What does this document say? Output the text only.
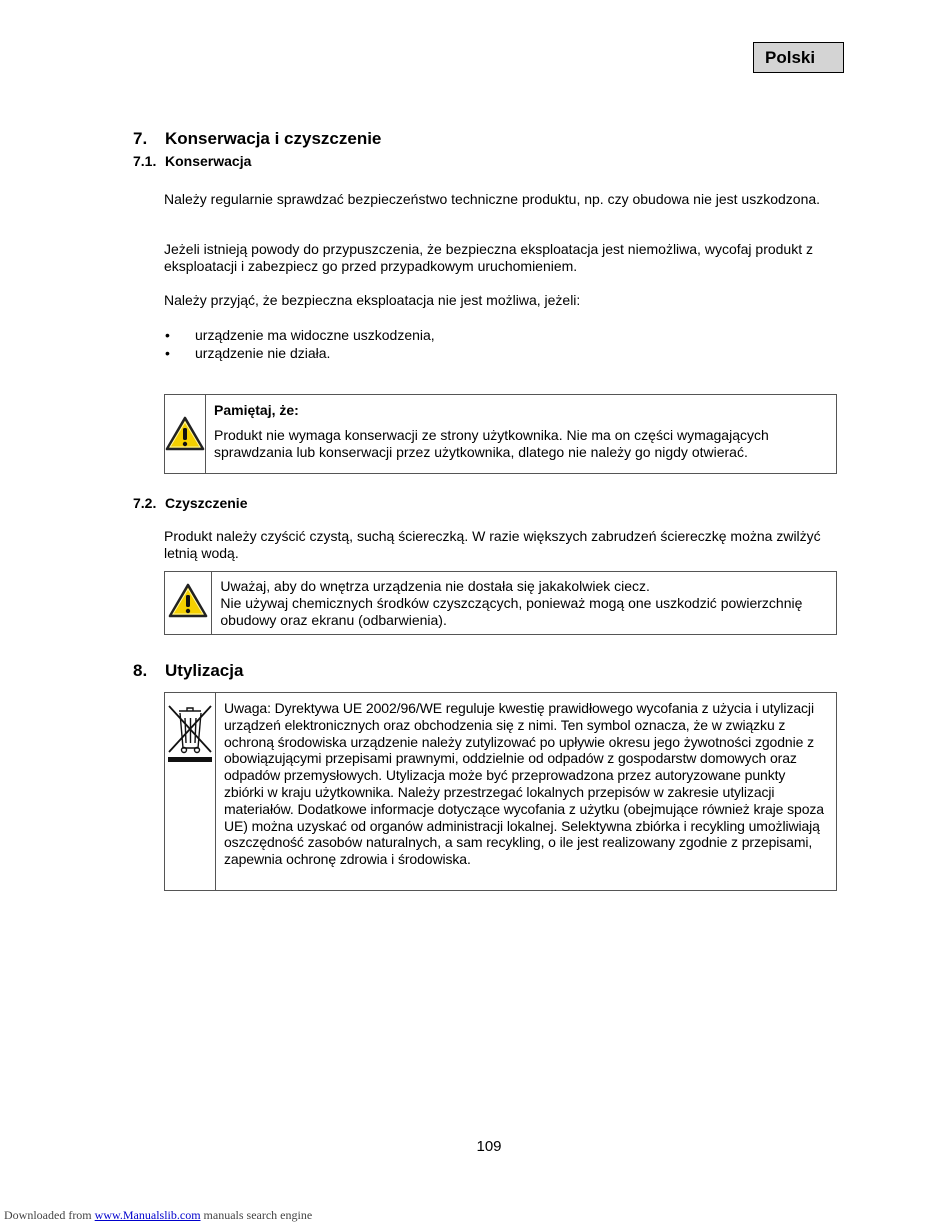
Polski
7. Konserwacja i czyszczenie
7.1. Konserwacja
Należy regularnie sprawdzać bezpieczeństwo techniczne produktu, np. czy obudowa nie jest uszkodzona.
Jeżeli istnieją powody do przypuszczenia, że bezpieczna eksploatacja jest niemożliwa, wycofaj produkt z eksploatacji i zabezpiecz go przed przypadkowym uruchomieniem.
Należy przyjąć, że bezpieczna eksploatacja nie jest możliwa, jeżeli:
• urządzenie ma widoczne uszkodzenia,
• urządzenie nie działa.
Pamiętaj, że:
Produkt nie wymaga konserwacji ze strony użytkownika. Nie ma on części wymagających sprawdzania lub konserwacji przez użytkownika, dlatego nie należy go nigdy otwierać.
7.2. Czyszczenie
Produkt należy czyścić czystą, suchą ściereczką. W razie większych zabrudzeń ściereczkę można zwilżyć letnią wodą.
Uważaj, aby do wnętrza urządzenia nie dostała się jakakolwiek ciecz.
Nie używaj chemicznych środków czyszczących, ponieważ mogą one uszkodzić powierzchnię obudowy oraz ekranu (odbarwienia).
8. Utylizacja
Uwaga: Dyrektywa UE 2002/96/WE reguluje kwestię prawidłowego wycofania z użycia i utylizacji urządzeń elektronicznych oraz obchodzenia się z nimi. Ten symbol oznacza, że w związku z ochroną środowiska urządzenie należy zutylizować po upływie okresu jego żywotności zgodnie z obowiązującymi przepisami prawnymi, oddzielnie od odpadów z gospodarstw domowych oraz odpadów przemysłowych. Utylizacja może być przeprowadzona przez autoryzowane punkty zbiórki w kraju użytkownika. Należy przestrzegać lokalnych przepisów w zakresie utylizacji materiałów. Dodatkowe informacje dotyczące wycofania z użytku (obejmujące również kraje spoza UE) można uzyskać od organów administracji lokalnej. Selektywna zbiórka i recykling umożliwiają oszczędność zasobów naturalnych, a sam recykling, o ile jest realizowany zgodnie z przepisami, zapewnia ochronę zdrowia i środowiska.
109
Downloaded from www.Manualslib.com manuals search engine
